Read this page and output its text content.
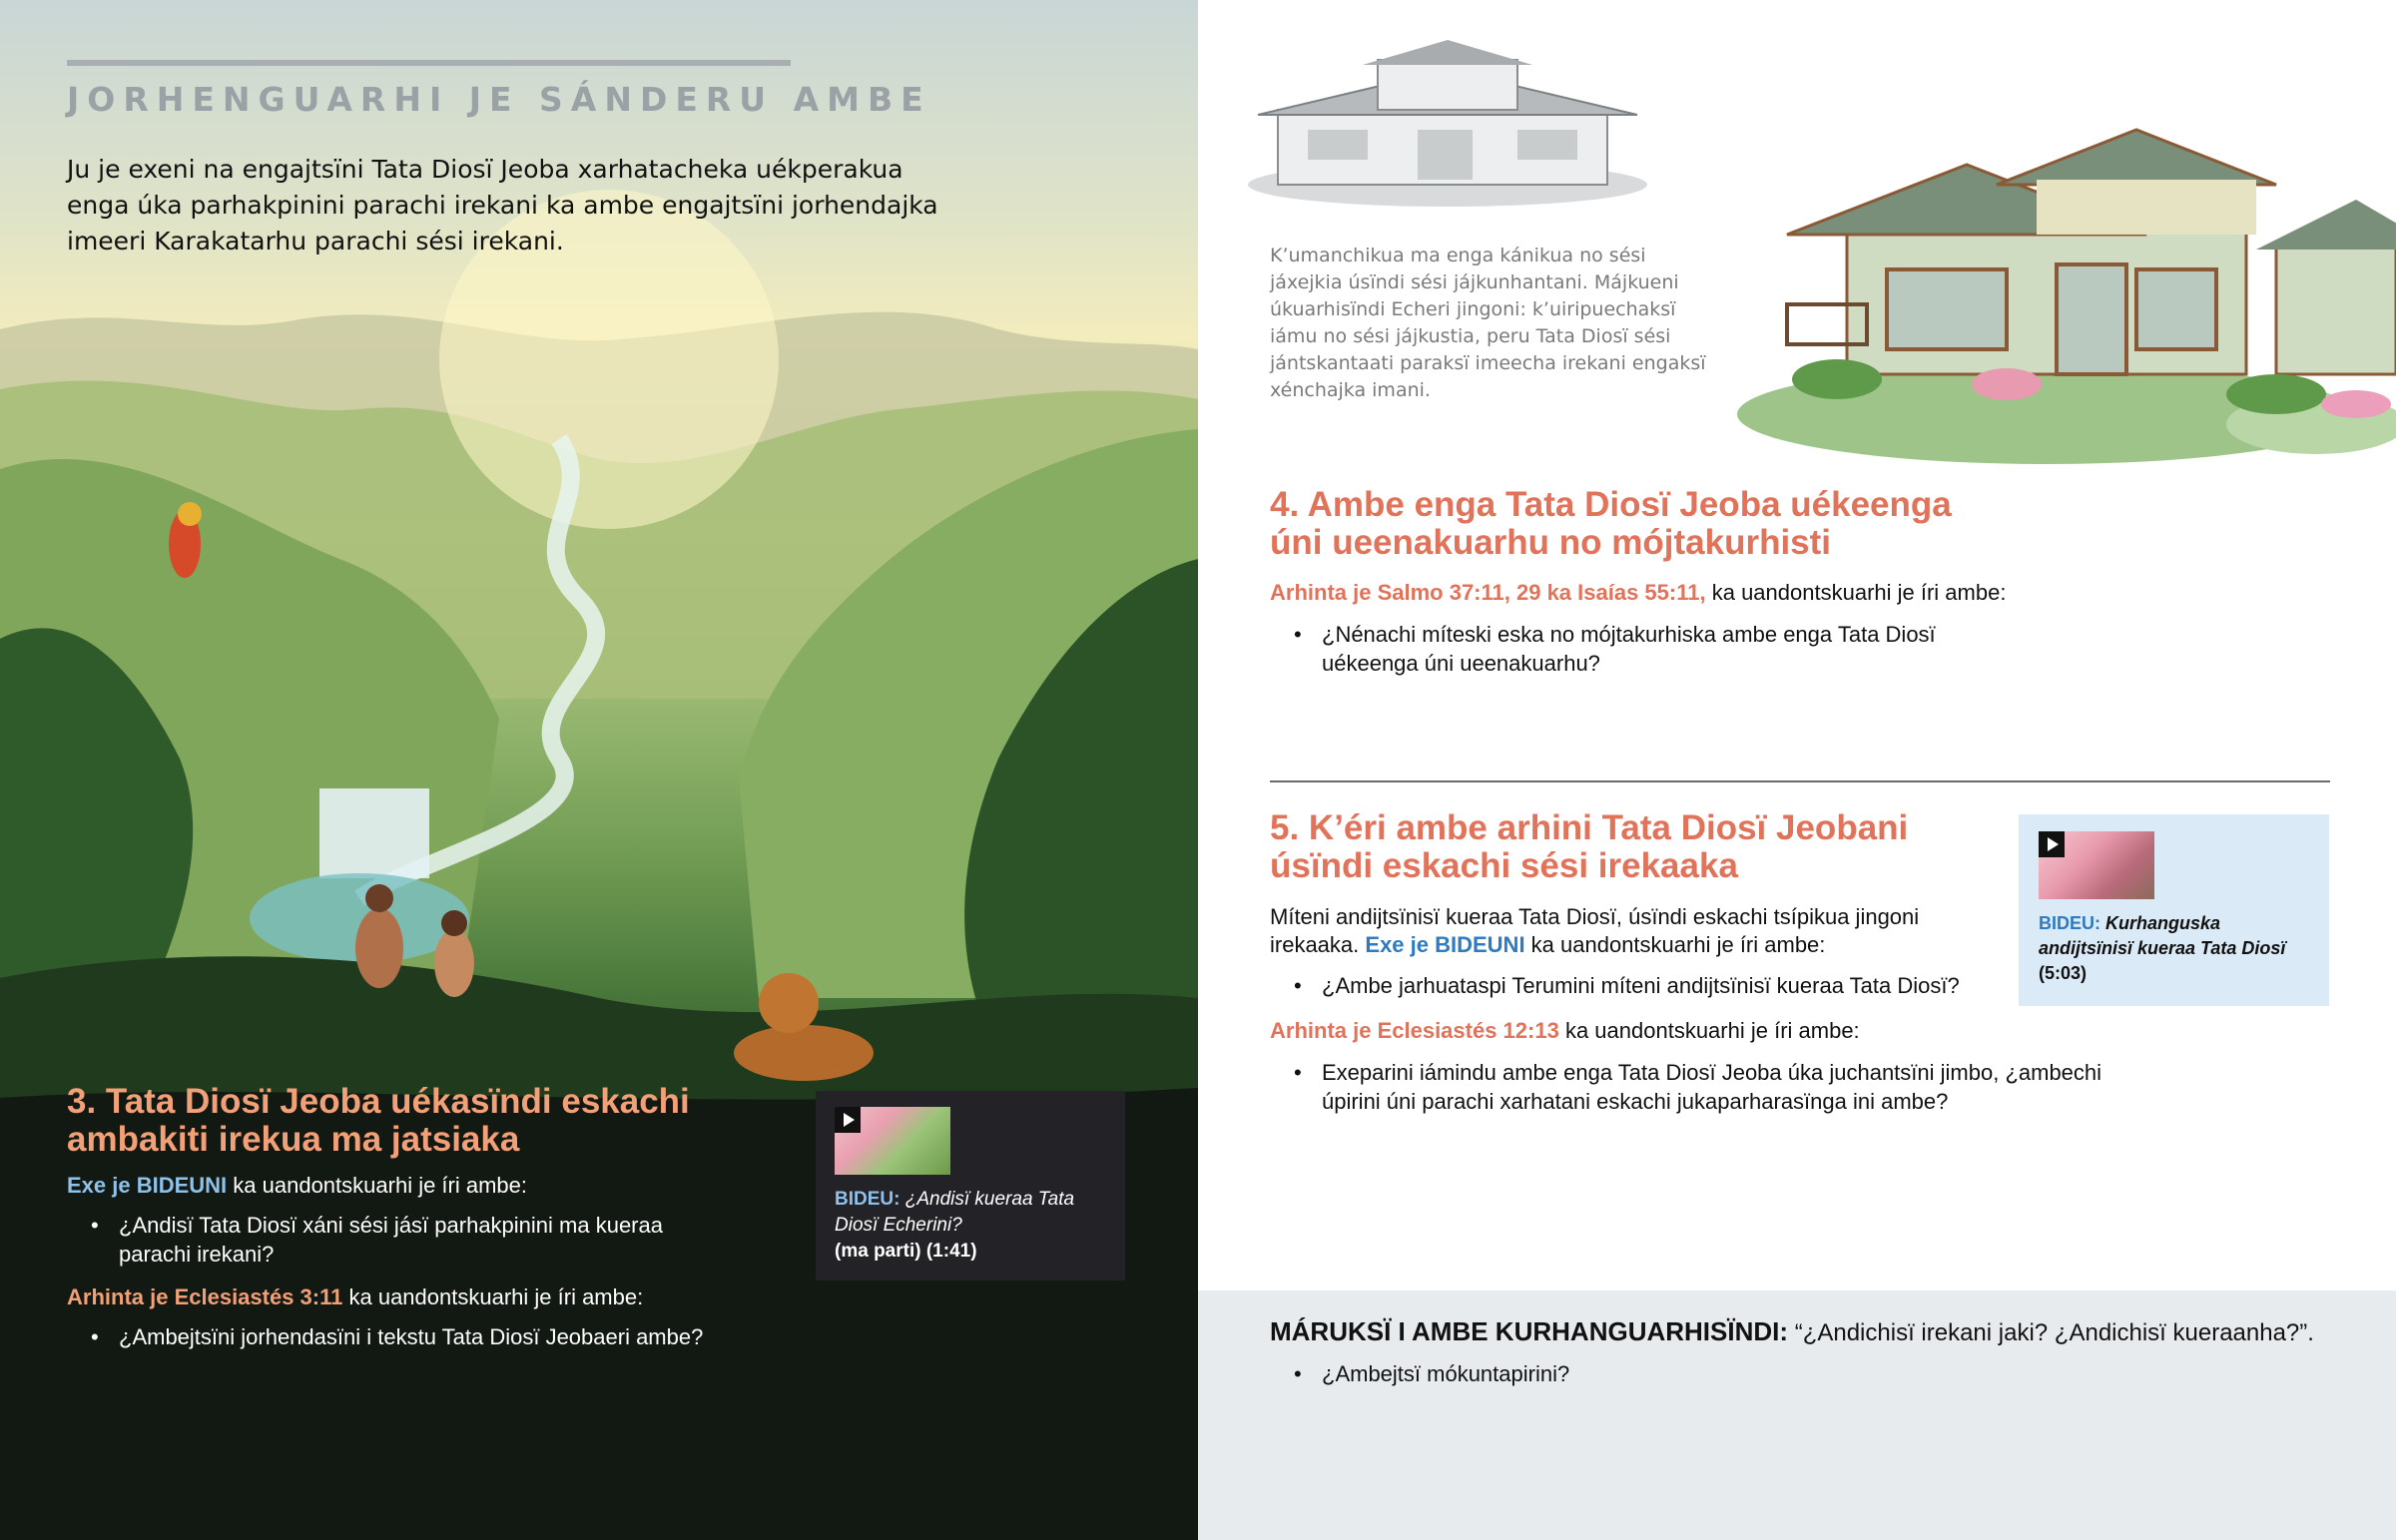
JORHENGUARHI JE SÁNDERU AMBE

Ju je exeni na engajtsïni Tata Diosï Jeoba xarhatacheka uékperakua enga úka parhakpinini parachi irekani ka ambe engajtsïni jorhendajka imeeri Karakatarhu parachi sési irekani.

3. Tata Diosï Jeoba uékasïndi eskachi ambakiti irekua ma jatsiaka

Exe je BIDEUNI ka uandontskuarhi je íri ambe:

• ¿Andisï Tata Diosï xáni sési jásï parhakpinini ma kueraa parachi irekani?

Arhinta je Eclesiastés 3:11 ka uandontskuarhi je íri ambe:

• ¿Ambejtsïni jorhendasïni i tekstu Tata Diosï Jeobaeri ambe?
BIDEU: ¿Andisï kueraa Tata Diosï Echerini?
(ma parti) (1:41)

K’umanchikua ma enga kánikua no sési jáxejkia úsïndi sési jájkunhantani. Májkueni úkuarhisïndi Echeri jingoni: k’uiripuechaksï iámu no sési jájkustia, peru Tata Diosï sési jántskantaati paraksï imeecha irekani engaksï xénchajka imani.

4. Ambe enga Tata Diosï Jeoba uékeenga úni ueenakuarhu no mójtakurhisti

Arhinta je Salmo 37:11, 29 ka Isaías 55:11, ka uandontskuarhi je íri ambe:

• ¿Nénachi míteski eska no mójtakurhiska ambe enga Tata Diosï uékeenga úni ueenakuarhu?
5. K’éri ambe arhini Tata Diosï Jeobani úsïndi eskachi sési irekaaka

Míteni andijtsïnisï kueraa Tata Diosï, úsïndi eskachi tsípikua jingoni irekaaka. Exe je BIDEUNI ka uandontskuarhi je íri ambe:

• ¿Ambe jarhuataspi Terumini míteni andijtsïnisï kueraa Tata Diosï?

Arhinta je Eclesiastés 12:13 ka uandontskuarhi je íri ambe:

• Exeparini iámindu ambe enga Tata Diosï Jeoba úka juchantsïni jimbo, ¿ambechi úpirini úni parachi xarhatani eskachi jukaparharasïnga ini ambe?
BIDEU: Kurhanguska andijtsïnisï kueraa Tata Diosï
(5:03)

MÁRUKSÏ I AMBE KURHANGUARHISÏNDI: “¿Andichisï irekani jaki? ¿Andichisï kueraanha?”.

• ¿Ambejtsï mókuntapirini?
